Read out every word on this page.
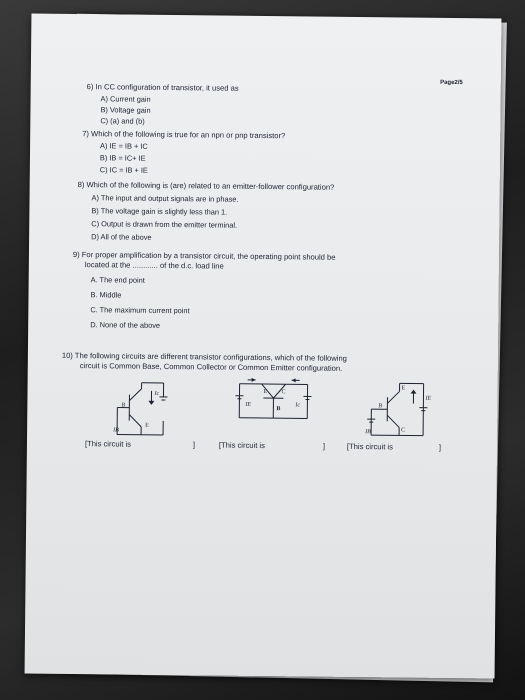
Page2/5
6) In CC configuration of transistor, it used as
A) Current gain
B) Voltage gain
C) (a) and (b)
7) Which of the following is true for an npn or pnp transistor?
A) IE = IB + IC
B) IB = IC+ IE
C) IC = IB + IE
8) Which of the following is (are) related to an emitter-follower configuration?
A) The input and output signals are in phase.
B) The voltage gain is slightly less than 1.
C) Output is drawn from the emitter terminal.
D) All of the above
9) For proper amplification by a transistor circuit, the operating point should be
located at the ............ of the d.c. load line
A. The end point
B. Middle
C. The maximum current point
D. None of the above
10) The following circuits are different transistor configurations, which of the following
circuit is Common Base, Common Collector or Common Emitter configuration.
B
Ic
E
IB
IE
E C
Ic
B
E
IE
B
IB	C
[This circuit is	]	[This circuit is	]	[This circuit is	]
